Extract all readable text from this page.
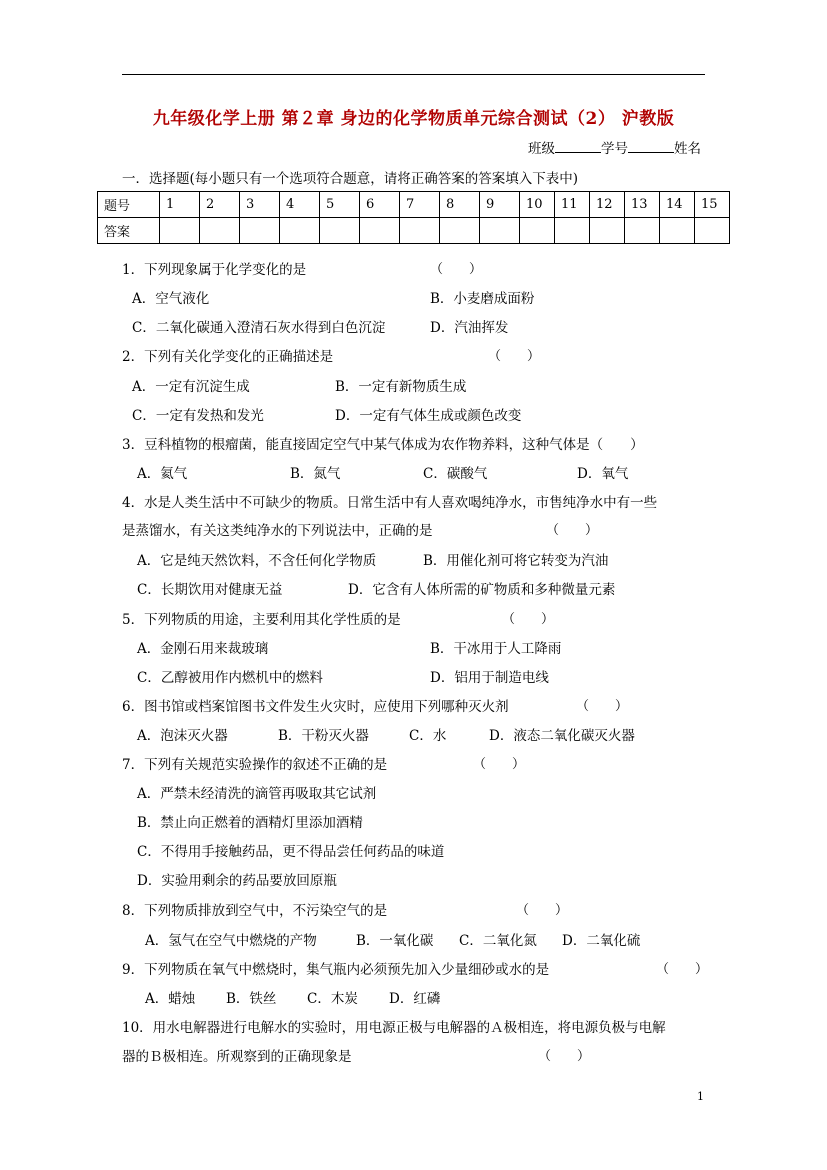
九年级化学上册 第２章 身边的化学物质单元综合测试（2） 沪教版
班级	学号	姓名
一．选择题(每小题只有一个选项符合题意，请将正确答案的答案填入下表中)
题号	1	2	3	4	5	6	7	8	9	10	11	12	13	14	15
答案															
1．下列现象属于化学变化的是	（　　）
A．空气液化	B．小麦磨成面粉
C．二氧化碳通入澄清石灰水得到白色沉淀	D．汽油挥发
2．下列有关化学变化的正确描述是	（　　）
A．一定有沉淀生成	B．一定有新物质生成
C．一定有发热和发光	D．一定有气体生成或颜色改变
3．豆科植物的根瘤菌，能直接固定空气中某气体成为农作物养料，这种气体是（　　）
A．氦气	B．氮气	C．碳酸气	D．氧气
4．水是人类生活中不可缺少的物质。日常生活中有人喜欢喝纯净水，市售纯净水中有一些
是蒸馏水，有关这类纯净水的下列说法中，正确的是	（　　）
A．它是纯天然饮料，不含任何化学物质	B．用催化剂可将它转变为汽油
C．长期饮用对健康无益	D．它含有人体所需的矿物质和多种微量元素
5．下列物质的用途，主要利用其化学性质的是	（　　）
A．金刚石用来裁玻璃	B．干冰用于人工降雨
C．乙醇被用作内燃机中的燃料	D．铝用于制造电线
6．图书馆或档案馆图书文件发生火灾时，应使用下列哪种灭火剂	（　　）
A．泡沫灭火器	B．干粉灭火器	C．水	D．液态二氧化碳灭火器
7．下列有关规范实验操作的叙述不正确的是	（　　）
A．严禁未经清洗的滴管再吸取其它试剂
B．禁止向正燃着的酒精灯里添加酒精
C．不得用手接触药品，更不得品尝任何药品的味道
D．实验用剩余的药品要放回原瓶
8．下列物质排放到空气中，不污染空气的是	（　　）
A．氢气在空气中燃烧的产物	B．一氧化碳 C．二氧化氮 D．二氧化硫
9．下列物质在氧气中燃烧时，集气瓶内必须预先加入少量细砂或水的是	（　　）
A．蜡烛 B．铁丝 C．木炭 D．红磷
10．用水电解器进行电解水的实验时，用电源正极与电解器的Ａ极相连，将电源负极与电解
器的Ｂ极相连。所观察到的正确现象是	（　　）
1
